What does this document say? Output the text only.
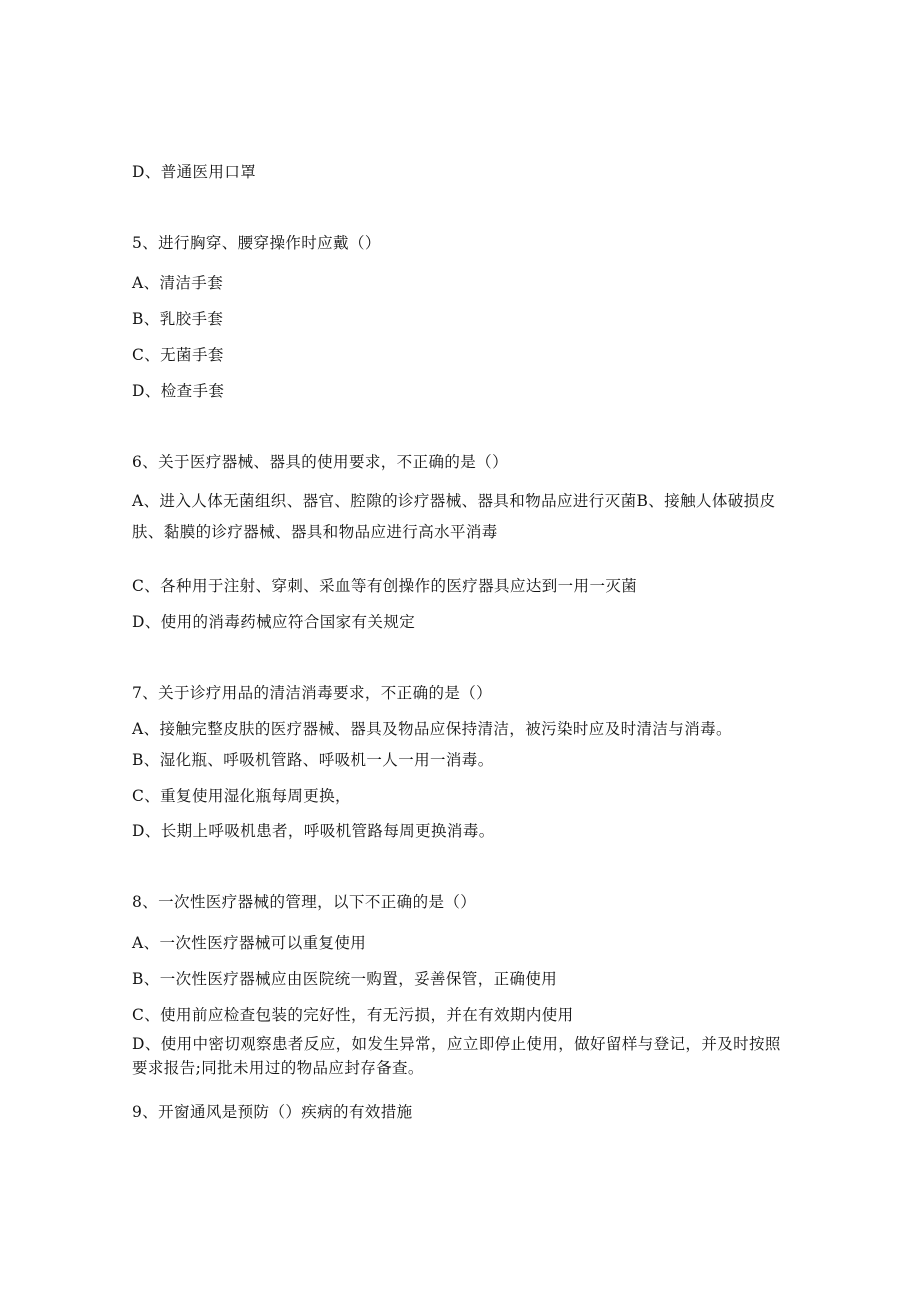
D、普通医用口罩
5、进行胸穿、腰穿操作时应戴（）
A、清洁手套
B、乳胶手套
C、无菌手套
D、检查手套
6、关于医疗器械、器具的使用要求，不正确的是（）
A、进入人体无菌组织、器官、腔隙的诊疗器械、器具和物品应进行灭菌B、接触人体破损皮肤、黏膜的诊疗器械、器具和物品应进行高水平消毒
C、各种用于注射、穿刺、采血等有创操作的医疗器具应达到一用一灭菌
D、使用的消毒药械应符合国家有关规定
7、关于诊疗用品的清洁消毒要求，不正确的是（）
A、接触完整皮肤的医疗器械、器具及物品应保持清洁，被污染时应及时清洁与消毒。
B、湿化瓶、呼吸机管路、呼吸机一人一用一消毒。
C、重复使用湿化瓶每周更换，
D、长期上呼吸机患者，呼吸机管路每周更换消毒。
8、一次性医疗器械的管理，以下不正确的是（）
A、一次性医疗器械可以重复使用
B、一次性医疗器械应由医院统一购置，妥善保管，正确使用
C、使用前应检查包装的完好性，有无污损，并在有效期内使用
D、使用中密切观察患者反应，如发生异常，应立即停止使用，做好留样与登记，并及时按照要求报告;同批未用过的物品应封存备查。
9、开窗通风是预防（）疾病的有效措施
